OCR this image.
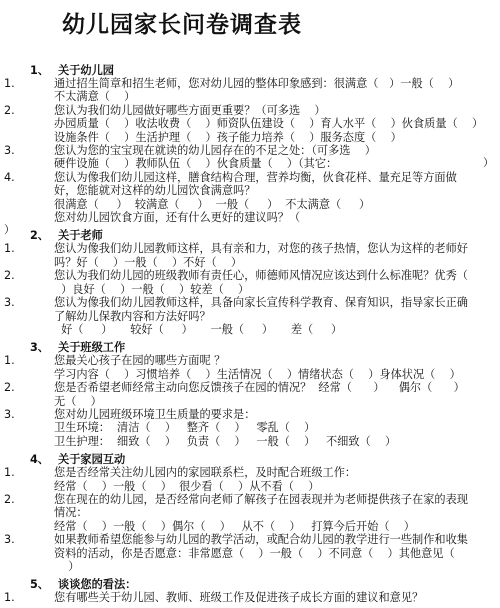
幼儿园家长问卷调查表
1、 关于幼儿园
1.	通过招生简章和招生老师，您对幼儿园的整体印象感到：很满意（   ）一般（    ）
不太满意（    ）
2.	您认为我们幼儿园做好哪些方面更重要？（可多选    ）
办园质量（    ）收法收费（    ）师资队伍建设（    ）育人水平（    ）伙食质量（    ）
设施条件（    ）生活护理（    ）孩子能力培养（    ）服务态度（    ）
3.	您认为您的宝宝现在就读的幼儿园存在的不足之处：（可多选    ）
硬件设施（    ）教师队伍（    ）伙食质量（    ）（其它：
4.	您认为像我们幼儿园这样，膳食结构合理，营养均衡，伙食花样、量充足等方面做
好，您能就对这样的幼儿园饮食满意吗？
很满意（     ）  较满意（     ）  一般（     ）  不太满意（     ）
您对幼儿园饮食方面，还有什么更好的建议吗？（
2、 关于老师
1.	您认为像我们幼儿园教师这样，具有亲和力，对您的孩子热情，您认为这样的老师好
吗？好（    ）一般（    ）不好（    ）
2.	您认为我们幼儿园的班级教师有责任心，师德师风情况应该达到什么标准呢？优秀（
）良好（    ）一般（    ）较差（    ）
3.	您认为像我们幼儿园教师这样，具备向家长宣传科学教育、保育知识，指导家长正确
了解幼儿保教内容和方法好吗？
好（     ）     较好（     ）     一般（     ）     差（     ）
3、 关于班级工作
1.	您最关心孩子在园的哪些方面呢 ？
学习内容（    ）习惯培养（    ）生活情况（    ）情绪状态（    ）身体状况（    ）
2.	您是否希望老师经常主动向您反馈孩子在园的情况？  经常（      ）    偶尔（      ）
无（    ）
3.	您对幼儿园班级环境卫生质量的要求是：
卫生环境：  清洁（    ）   整齐（    ）   零乱（    ）
卫生护理：  细致（    ）   负责（    ）   一般（    ）   不细致（    ）
4、 关于家园互动
1.	您是否经常关注幼儿园内的家园联系栏，及时配合班级工作：
经常（    ）一般（    ）  很少看（    ）从不看（    ）
2.	您在现在的幼儿园，是否经常向老师了解孩子在园表现并为老师提供孩子在家的表现
情况：
经常（    ）一般（    ）偶尔（    ）   从不（    ）   打算今后开始（    ）
3.	如果教师希望您能参与幼儿园的教学活动，或配合幼儿园的教学进行一些制作和收集
资料的活动，你是否愿意：非常愿意（    ）一般（    ）不同意（    ）其他意见（
）
5、 谈谈您的看法：
1.	您有哪些关于幼儿园、教师、班级工作及促进孩子成长方面的建议和意见？
）
）
